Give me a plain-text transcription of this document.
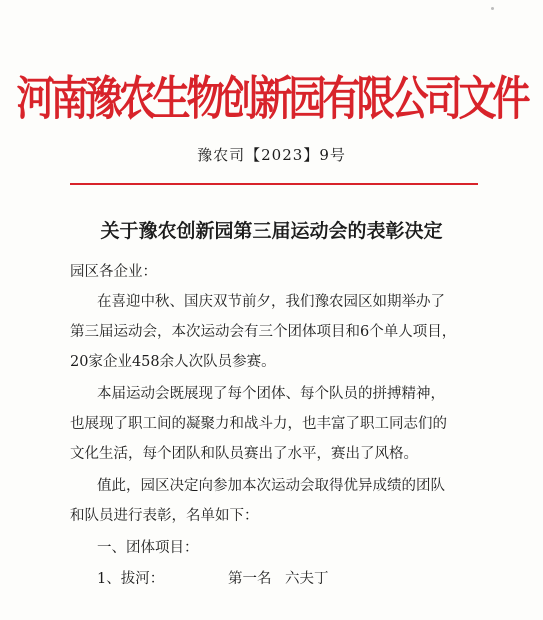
河南豫农生物创新园有限公司文件
豫农司【2023】9号
关于豫农创新园第三届运动会的表彰决定
园区各企业：
在喜迎中秋、国庆双节前夕，我们豫农园区如期举办了
第三届运动会，本次运动会有三个团体项目和6个单人项目，
20家企业458余人次队员参赛。
本届运动会既展现了每个团体、每个队员的拼搏精神，
也展现了职工间的凝聚力和战斗力，也丰富了职工同志们的
文化生活，每个团队和队员赛出了水平，赛出了风格。
值此，园区决定向参加本次运动会取得优异成绩的团队
和队员进行表彰，名单如下：
一、团体项目：
1、拔河：	第一名 六夫丁
